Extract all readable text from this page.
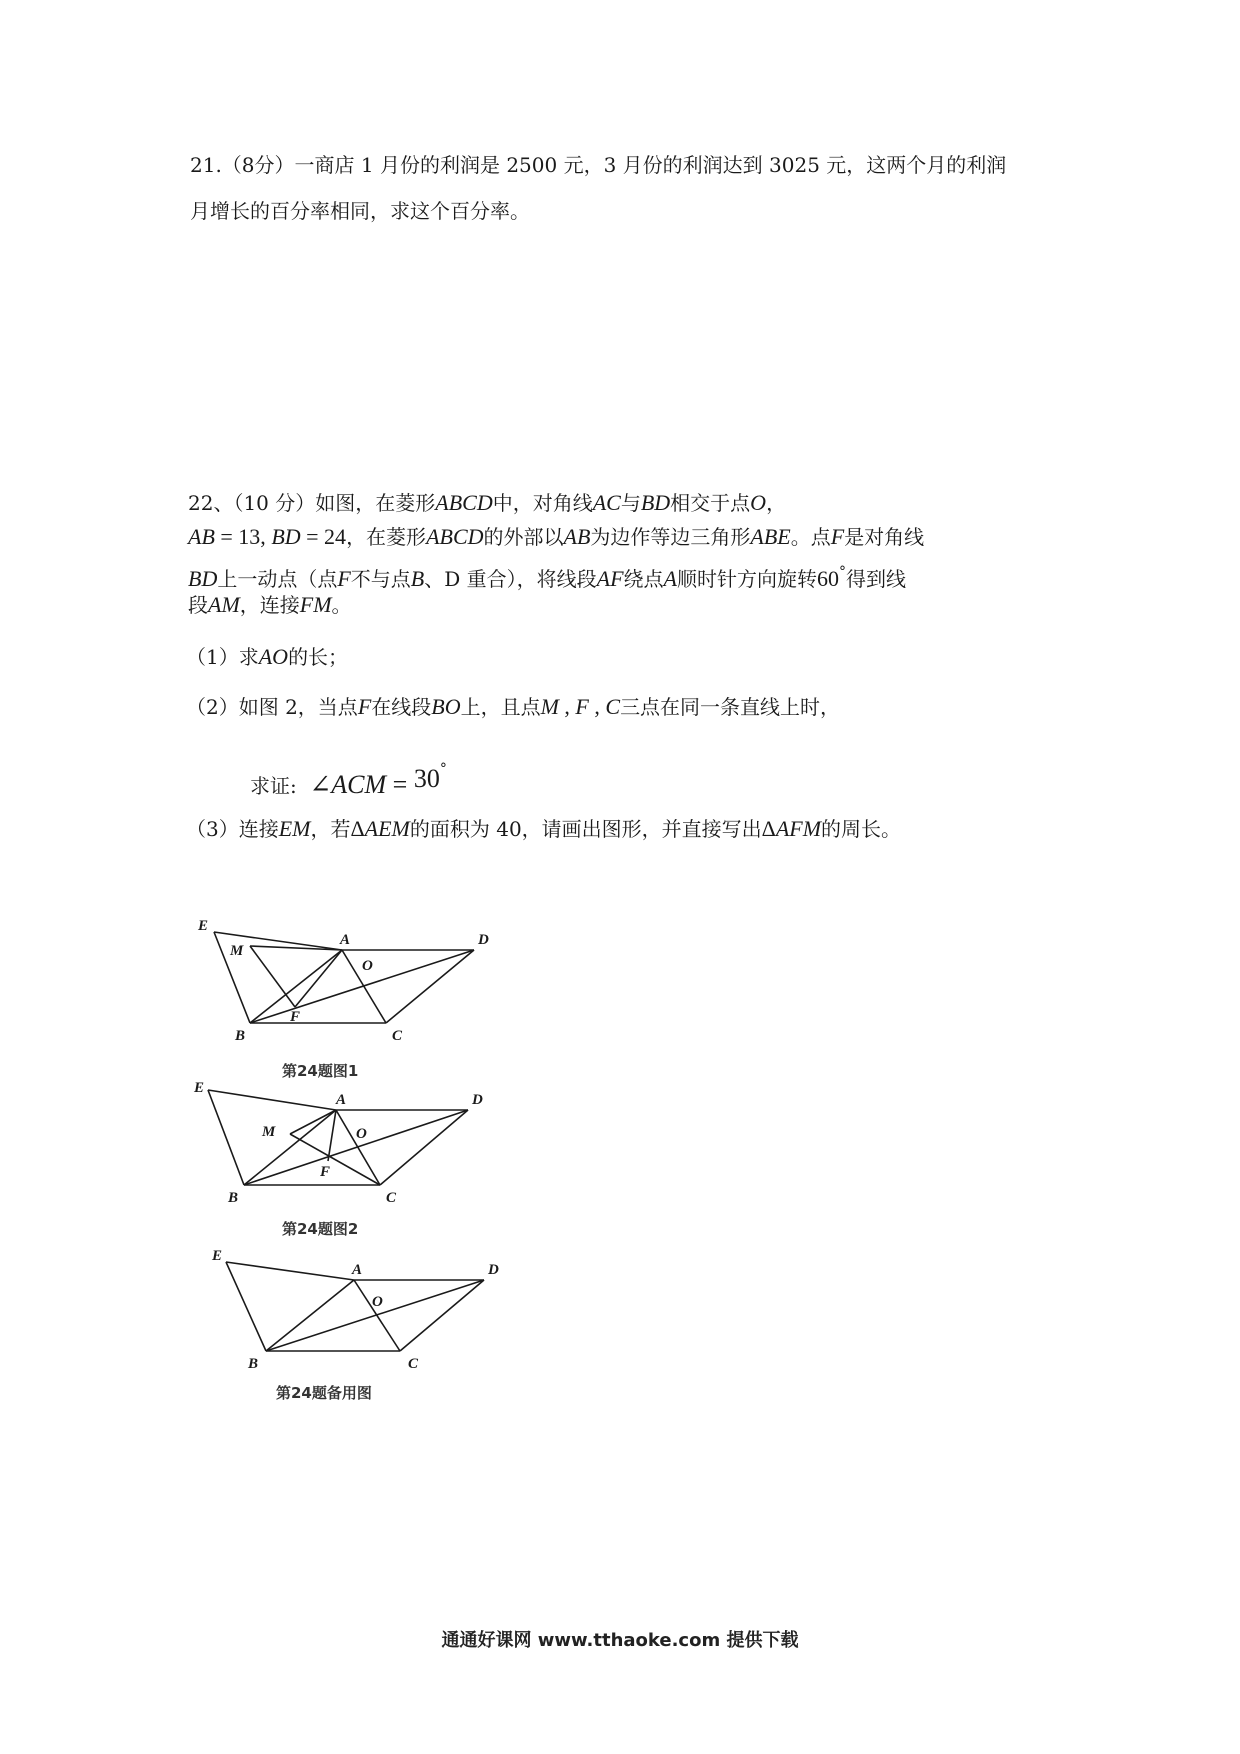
21.（8分）一商店 1 月份的利润是 2500 元，3 月份的利润达到 3025 元，这两个月的利润
月增长的百分率相同，求这个百分率。
22、（10 分）如图，在菱形ABCD中，对角线AC与BD相交于点O，
AB = 13, BD = 24，在菱形ABCD的外部以AB为边作等边三角形ABE。点F是对角线
BD上一动点（点F不与点B、D 重合），将线段AF绕点A顺时针方向旋转60°得到线
段AM，连接FM。
（1）求AO的长；
（2）如图 2，当点F在线段BO上，且点M , F , C三点在同一条直线上时，
求证: ∠ACM = 30°
（3）连接EM，若ΔAEM的面积为 40，请画出图形，并直接写出ΔAFM的周长。
E
M
A	D
O
B
F
C
第24题图1
E
M
A	D
O
B
F
C
第24题图2
E
A	D
O
B	C
第24题备用图
通通好课网 www.tthaoke.com 提供下载
